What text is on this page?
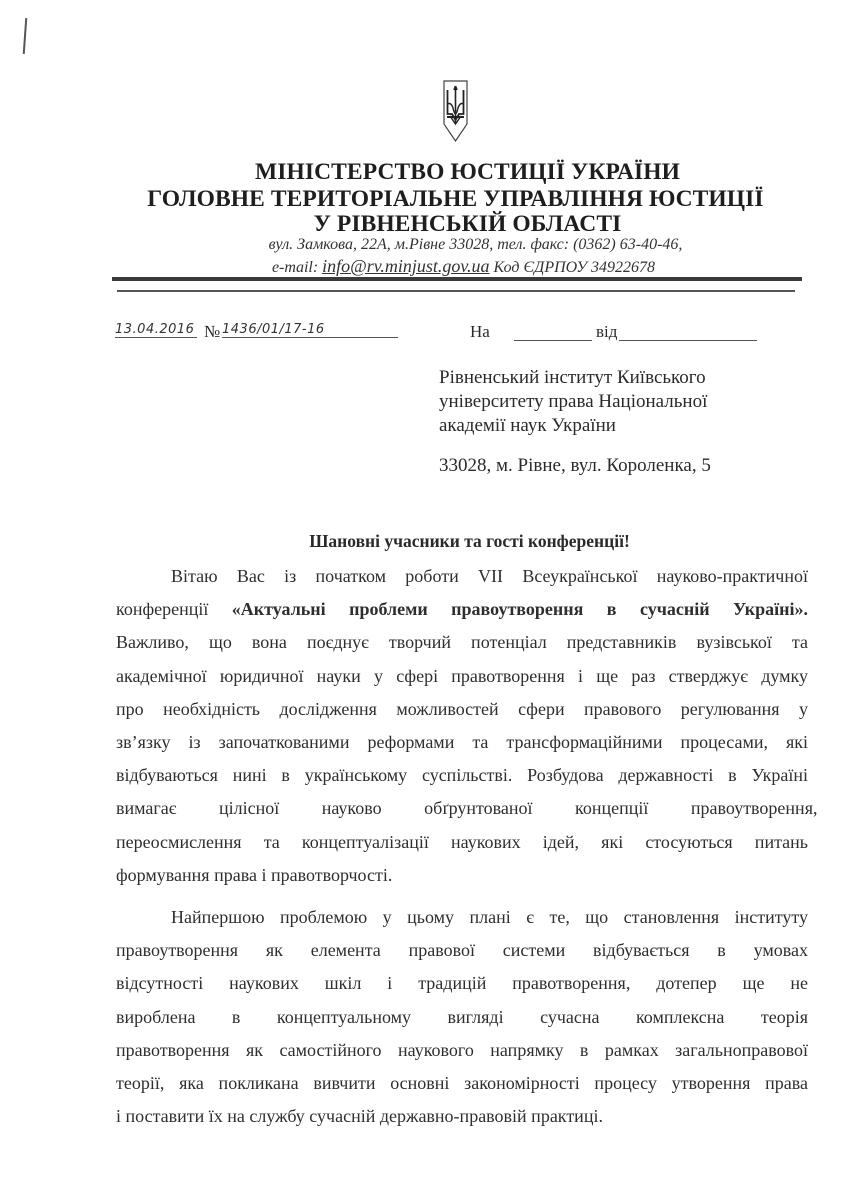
МІНІСТЕРСТВО ЮСТИЦІЇ УКРАЇНИ
ГОЛОВНЕ ТЕРИТОРІАЛЬНЕ УПРАВЛІННЯ ЮСТИЦІЇ
У РІВНЕНСЬКІЙ ОБЛАСТІ
вул. Замкова, 22А, м.Рівне 33028, тел. факс: (0362) 63-40-46,
e-mail: info@rv.minjust.gov.ua Код ЄДРПОУ 34922678
13.04.2016 № 1436/01/17-16	На	від
Рівненський інститут Київського
університету права Національної
академії наук України
33028, м. Рівне, вул. Короленка, 5
Шановні учасники та гості конференції!
Вітаю Вас із початком роботи VII Всеукраїнської науково-практичної
конференції «Актуальні проблеми правоутворення в сучасній Україні».
Важливо, що вона поєднує творчий потенціал представників вузівської та
академічної юридичної науки у сфері правотворення і ще раз стверджує думку
про необхідність дослідження можливостей сфери правового регулювання у
зв’язку із започаткованими реформами та трансформаційними процесами, які
відбуваються нині в українському суспільстві. Розбудова державності в Україні
вимагає цілісної науково обґрунтованої концепції правоутворення,
переосмислення та концептуалізації наукових ідей, які стосуються питань
формування права і правотворчості.
Найпершою проблемою у цьому плані є те, що становлення інституту
правоутворення як елемента правової системи відбувається в умовах
відсутності наукових шкіл і традицій правотворення, дотепер ще не
вироблена в концептуальному вигляді сучасна комплексна теорія
правотворення як самостійного наукового напрямку в рамках загальноправової
теорії, яка покликана вивчити основні закономірності процесу утворення права
і поставити їх на службу сучасній державно-правовій практиці.
